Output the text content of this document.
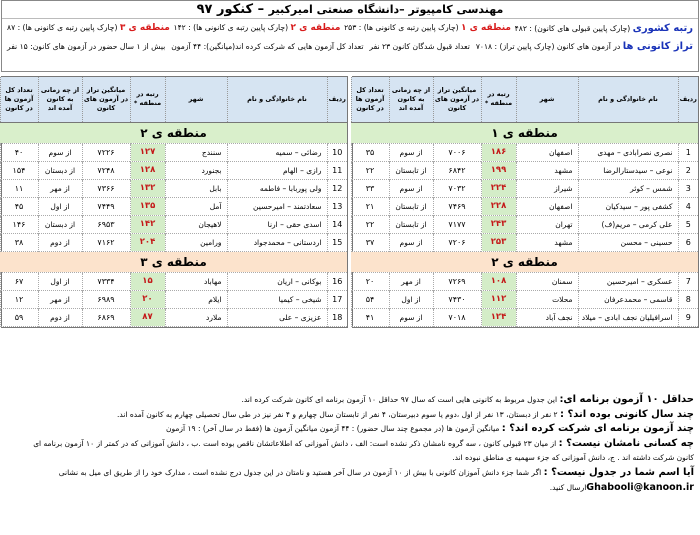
مهندسی کامپیوتر –دانشگاه صنعتی امیرکبیر – کنکور ۹۷
رتبه کشوری (چارک پایین قبولی های کانون) : ۴۸۲
منطقه ی ۱ (چارک پایین رتبه ی کانونی ها) : ۲۵۳
منطقه ی ۲ (چارک پایین رتبه ی کانونی ها) : ۱۴۲
منطقه ی ۳ (چارک پایین رتبه ی کانونی ها) : ۸۷
تراز کانونی ها در آزمون های کانون (چارک پایین تراز) : ۷۰۱۸
تعداد قبول شدگان کانون ۲۳ نفر
تعداد کل آزمون هایی که شرکت کرده اند(میانگین): ۴۴ آزمون
بیش از ۱ سال حضور در آزمون های کانون: ۱۵ نفر
ردیف	نام خانوادگی و نام	شهر	رتبه در منطقه *	میانگین تراز در آزمون های کانون	از چه زمانی به کانون آمده اند	تعداد کل آزمون ها در کانون
منطقه ی ۱						
1	نصری نصرابادی – مهدی	اصفهان	۱۸۶	۷۰۰۶	از سوم	۳۵
2	نوعی – سیدستارالرضا	مشهد	۱۹۹	۶۸۴۲	از تابستان	۲۲
3	شمس – کوثر	شیراز	۲۲۴	۷۰۳۲	از سوم	۳۳
4	کشفی پور – سیدکیان	اصفهان	۲۲۸	۷۴۶۹	از تابستان	۲۱
5	علی کرمی – مریم(ف)	تهران	۲۴۳	۷۱۷۷	از تابستان	۲۲
6	حسینی – محسن	مشهد	۲۵۳	۷۲۰۶	از سوم	۳۷
منطقه ی ۲						
7	عسکری – امیرحسین	سمنان	۱۰۸	۷۲۶۹	از مهر	۲۰
8	قاسمی – محمدعرفان	محلات	۱۱۲	۷۴۳۰	از اول	۵۴
9	اسرافیلیان نجف ابادی – میلاد	نجف آباد	۱۲۴	۷۰۱۸	از سوم	۴۱
ردیف	نام خانوادگی و نام	شهر	رتبه در منطقه *	میانگین تراز در آزمون های کانون	از چه زمانی به کانون آمده اند	تعداد کل آزمون ها در کانون
منطقه ی ۲						
10	رضائی – سمیه	سنندج	۱۲۷	۷۲۲۶	از سوم	۴۰
11	رازی – الهام	بجنورد	۱۲۸	۷۲۴۸	از دبستان	۱۵۴
12	ولی پوربابا – فاطمه	بابل	۱۳۲	۷۳۶۶	از مهر	۱۱
13	سعادتمند – امیرحسین	آمل	۱۳۵	۷۴۴۹	از اول	۴۵
14	اسدی حقی – ارنا	لاهیجان	۱۴۲	۶۹۵۳	از دبستان	۱۴۶
15	اردستانی – محمدجواد	ورامین	۲۰۴	۷۱۶۲	از دوم	۳۸
منطقه ی ۳						
16	بوکانی – اریان	مهاباد	۱۵	۷۳۳۴	از اول	۶۷
17	شیخی – کیمیا	ایلام	۲۰	۶۹۸۹	از مهر	۱۲
18	عزیزی – علی	ملارد	۸۷	۶۸۶۹	از دوم	۵۹

حداقل ۱۰ آزمون برنامه ای: این جدول مربوط به کانونی هایی است که سال ۹۷ حداقل ۱۰ آزمون برنامه ای کانون شرکت کرده اند.

چند سال کانونی بوده اند؟ : ۲ نفر از دبستان، ۱۳ نفر از اول ،دوم یا سوم دبیرستان، ۴ نفر از تابستان سال چهارم و ۴ نفر نیز در طی سال تحصیلی چهارم به کانون آمده اند.

چند آزمون برنامه ای شرکت کرده اند؟ : میانگین آزمون ها (در مجموع چند سال حضور) : ۴۴ آزمون میانگین آزمون ها (فقط در سال آخر) : ۱۹ آزمون

چه کسانی نامشان نیست؟ : از میان ۲۳ قبولی کانون ، سه گروه نامشان ذکر نشده است: الف ، دانش آموزانی که اطلاعاتشان ناقص بوده است .ب ، دانش آموزانی که در کمتر از ۱۰ آزمون برنامه ای

کانون شرکت داشته اند . ج، دانش آموزانی که جزء سهمیه ی مناطق نبوده اند.

آیا اسم شما در جدول نیست؟ : اگر شما جزء دانش آموزان کانونی با بیش از ۱۰ آزمون در سال آخر هستید و نامتان در این جدول درج نشده است ، مدارک خود را از طریق ای میل به نشانی

Ghabooli@kanoon.irارسال کنید.
